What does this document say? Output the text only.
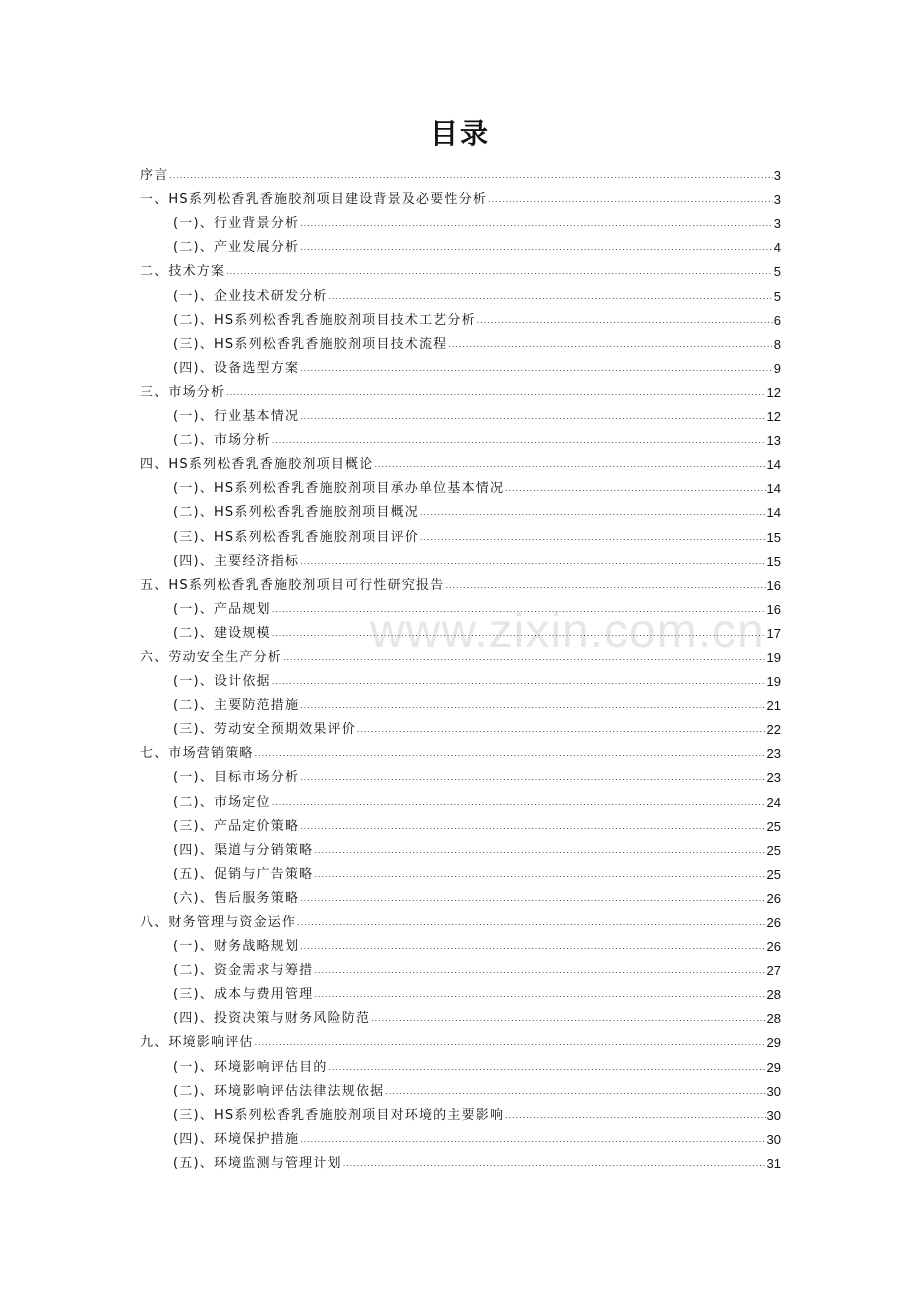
目录
www.zixin.com.cn
序言 .....	3
一、HS系列松香乳香施胶剂项目建设背景及必要性分析 .....	3
(一)、行业背景分析 .....	3
(二)、产业发展分析 .....	4
二、技术方案 .....	5
(一)、企业技术研发分析 .....	5
(二)、HS系列松香乳香施胶剂项目技术工艺分析 .....	6
(三)、HS系列松香乳香施胶剂项目技术流程 .....	8
(四)、设备选型方案 .....	9
三、市场分析 .....	12
(一)、行业基本情况 .....	12
(二)、市场分析 .....	13
四、HS系列松香乳香施胶剂项目概论 .....	14
(一)、HS系列松香乳香施胶剂项目承办单位基本情况 .....	14
(二)、HS系列松香乳香施胶剂项目概况 .....	14
(三)、HS系列松香乳香施胶剂项目评价 .....	15
(四)、主要经济指标 .....	15
五、HS系列松香乳香施胶剂项目可行性研究报告 .....	16
(一)、产品规划 .....	16
(二)、建设规模 .....	17
六、劳动安全生产分析 .....	19
(一)、设计依据 .....	19
(二)、主要防范措施 .....	21
(三)、劳动安全预期效果评价 .....	22
七、市场营销策略 .....	23
(一)、目标市场分析 .....	23
(二)、市场定位 .....	24
(三)、产品定价策略 .....	25
(四)、渠道与分销策略 .....	25
(五)、促销与广告策略 .....	25
(六)、售后服务策略 .....	26
八、财务管理与资金运作 .....	26
(一)、财务战略规划 .....	26
(二)、资金需求与筹措 .....	27
(三)、成本与费用管理 .....	28
(四)、投资决策与财务风险防范 .....	28
九、环境影响评估 .....	29
(一)、环境影响评估目的 .....	29
(二)、环境影响评估法律法规依据 .....	30
(三)、HS系列松香乳香施胶剂项目对环境的主要影响 .....	30
(四)、环境保护措施 .....	30
(五)、环境监测与管理计划 .....	31
